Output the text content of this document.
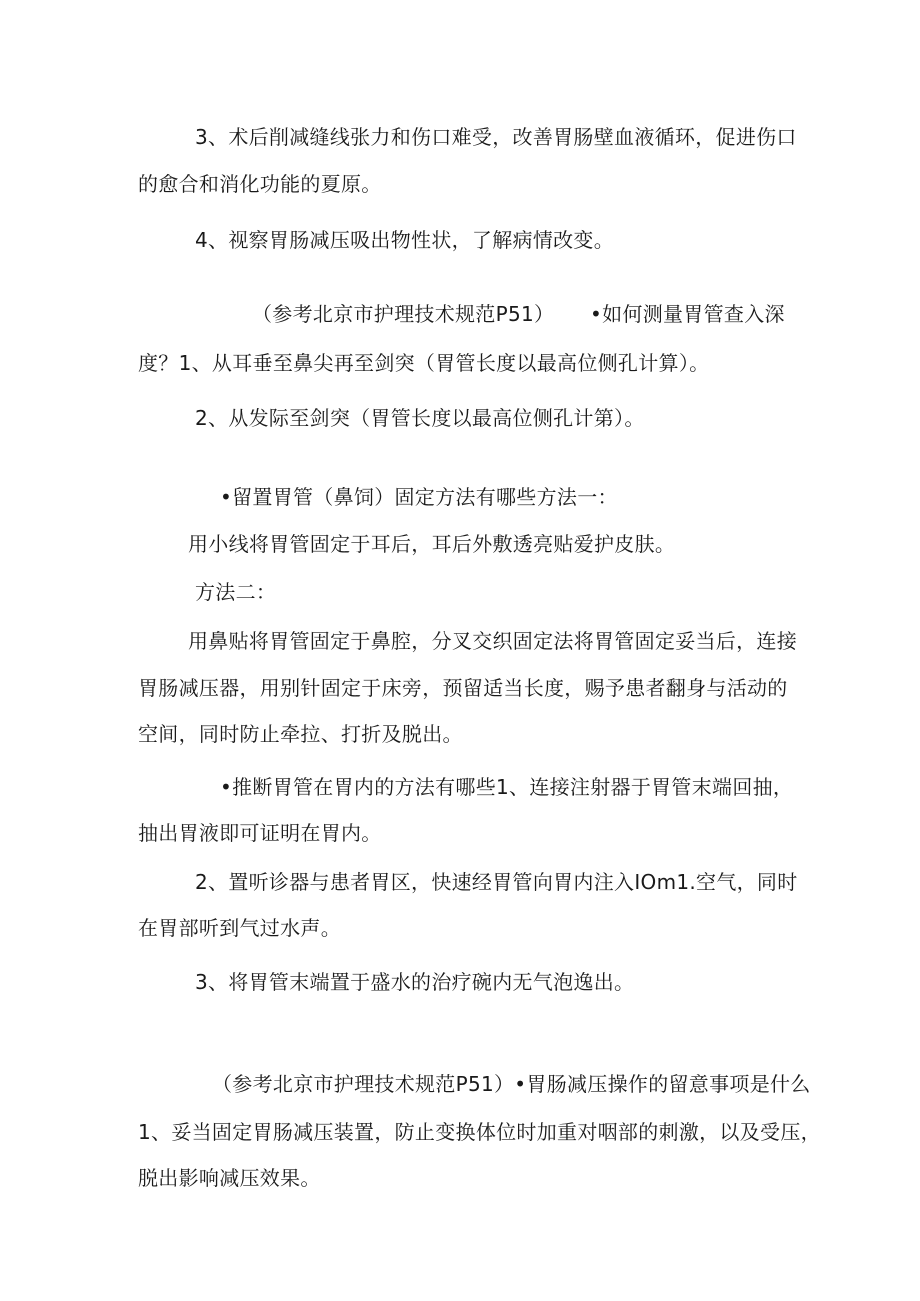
3、术后削减缝线张力和伤口难受，改善胃肠壁血液循环，促进伤口
的愈合和消化功能的夏原。
4、视察胃肠减压吸出物性状，了解病情改变。
（参考北京市护理技术规范P51） •如何测量胃管查入深
度？1、从耳垂至鼻尖再至剑突（胃管长度以最高位侧孔计算）。
2、从发际至剑突（胃管长度以最高位侧孔计第）。
•留置胃管（鼻饲）固定方法有哪些方法一：
用小线将胃管固定于耳后，耳后外敷透亮贴爱护皮肤。
方法二：
用鼻贴将胃管固定于鼻腔，分叉交织固定法将胃管固定妥当后，连接
胃肠减压器，用别针固定于床旁，预留适当长度，赐予患者翻身与活动的
空间，同时防止牵拉、打折及脱出。
•推断胃管在胃内的方法有哪些1、连接注射器于胃管末端回抽，
抽出胃液即可证明在胃内。
2、置听诊器与患者胃区，快速经胃管向胃内注入IOm1.空气，同时
在胃部听到气过水声。
3、将胃管末端置于盛水的治疗碗内无气泡逸出。
（参考北京市护理技术规范P51）•胃肠减压操作的留意事项是什么
1、妥当固定胃肠减压装置，防止变换体位时加重对咽部的刺激，以及受压，
脱出影响减压效果。
